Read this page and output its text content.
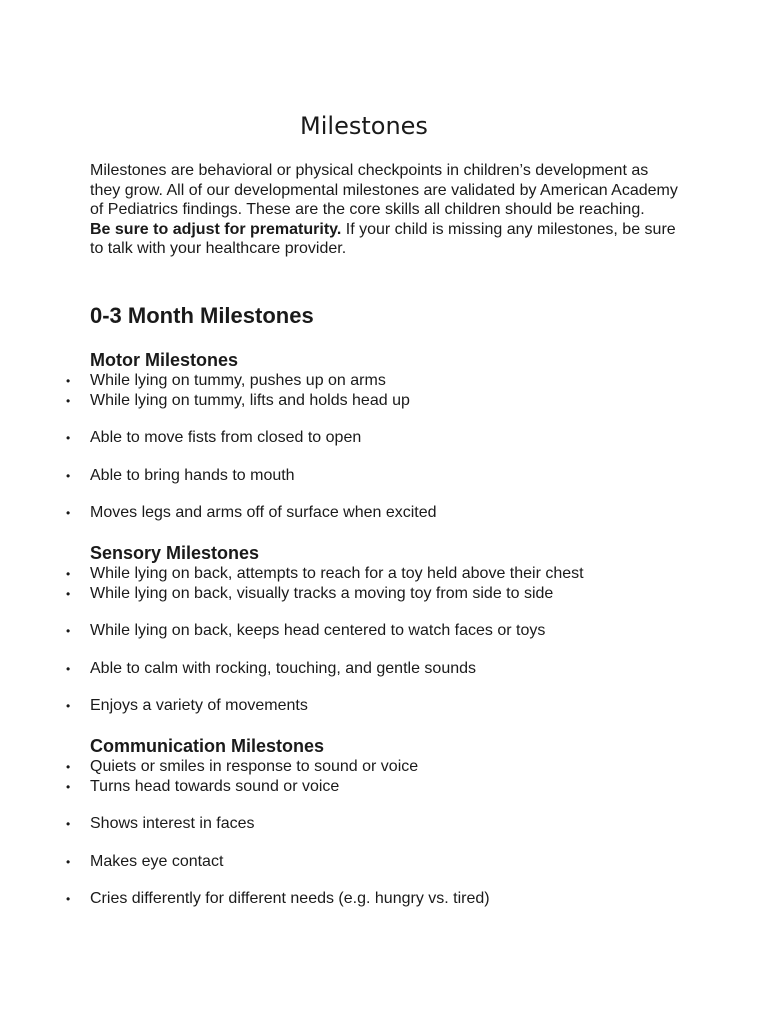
Milestones

Milestones are behavioral or physical checkpoints in children’s development as they grow. All of our developmental milestones are validated by American Academy of Pediatrics findings. These are the core skills all children should be reaching.

Be sure to adjust for prematurity. If your child is missing any milestones, be sure to talk with your healthcare provider.

0-3 Month Milestones
Motor Milestones
• While lying on tummy, pushes up on arms
• While lying on tummy, lifts and holds head up
• Able to move fists from closed to open
• Able to bring hands to mouth
• Moves legs and arms off of surface when excited
Sensory Milestones
• While lying on back, attempts to reach for a toy held above their chest
• While lying on back, visually tracks a moving toy from side to side
• While lying on back, keeps head centered to watch faces or toys
• Able to calm with rocking, touching, and gentle sounds
• Enjoys a variety of movements
Communication Milestones
• Quiets or smiles in response to sound or voice
• Turns head towards sound or voice
• Shows interest in faces
• Makes eye contact
• Cries differently for different needs (e.g. hungry vs. tired)
